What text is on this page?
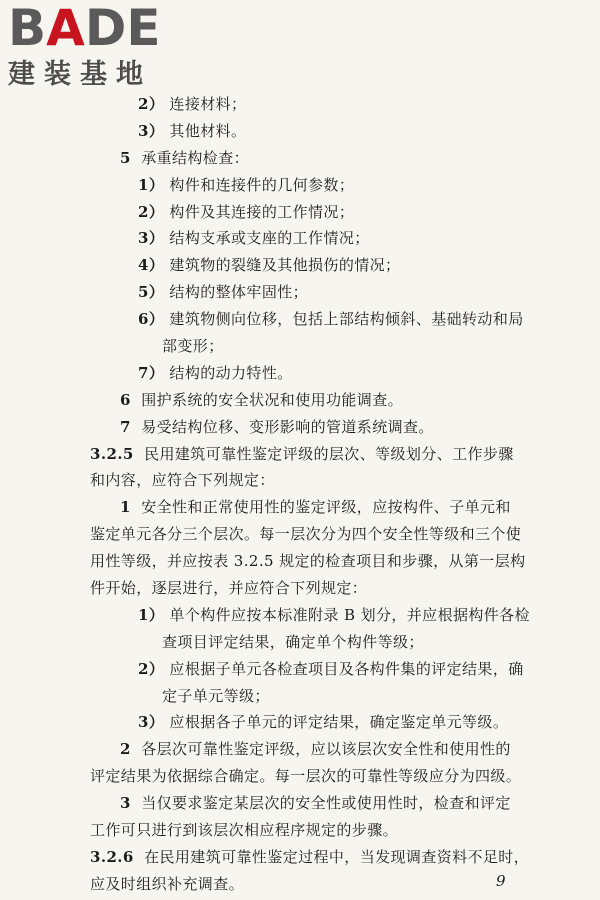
BADE
建装基地
2） 连接材料；
3） 其他材料。
5 承重结构检查：
1） 构件和连接件的几何参数；
2） 构件及其连接的工作情况；
3） 结构支承或支座的工作情况；
4） 建筑物的裂缝及其他损伤的情况；
5） 结构的整体牢固性；
6） 建筑物侧向位移，包括上部结构倾斜、基础转动和局
部变形；
7） 结构的动力特性。
6 围护系统的安全状况和使用功能调查。
7 易受结构位移、变形影响的管道系统调查。
3.2.5 民用建筑可靠性鉴定评级的层次、等级划分、工作步骤
和内容，应符合下列规定：
1 安全性和正常使用性的鉴定评级，应按构件、子单元和
鉴定单元各分三个层次。每一层次分为四个安全性等级和三个使
用性等级，并应按表 3.2.5 规定的检查项目和步骤，从第一层构
件开始，逐层进行，并应符合下列规定：
1） 单个构件应按本标准附录 B 划分，并应根据构件各检
查项目评定结果，确定单个构件等级；
2） 应根据子单元各检查项目及各构件集的评定结果，确
定子单元等级；
3） 应根据各子单元的评定结果，确定鉴定单元等级。
2 各层次可靠性鉴定评级，应以该层次安全性和使用性的
评定结果为依据综合确定。每一层次的可靠性等级应分为四级。
3 当仅要求鉴定某层次的安全性或使用性时，检查和评定
工作可只进行到该层次相应程序规定的步骤。
3.2.6 在民用建筑可靠性鉴定过程中，当发现调查资料不足时，
应及时组织补充调查。	9
